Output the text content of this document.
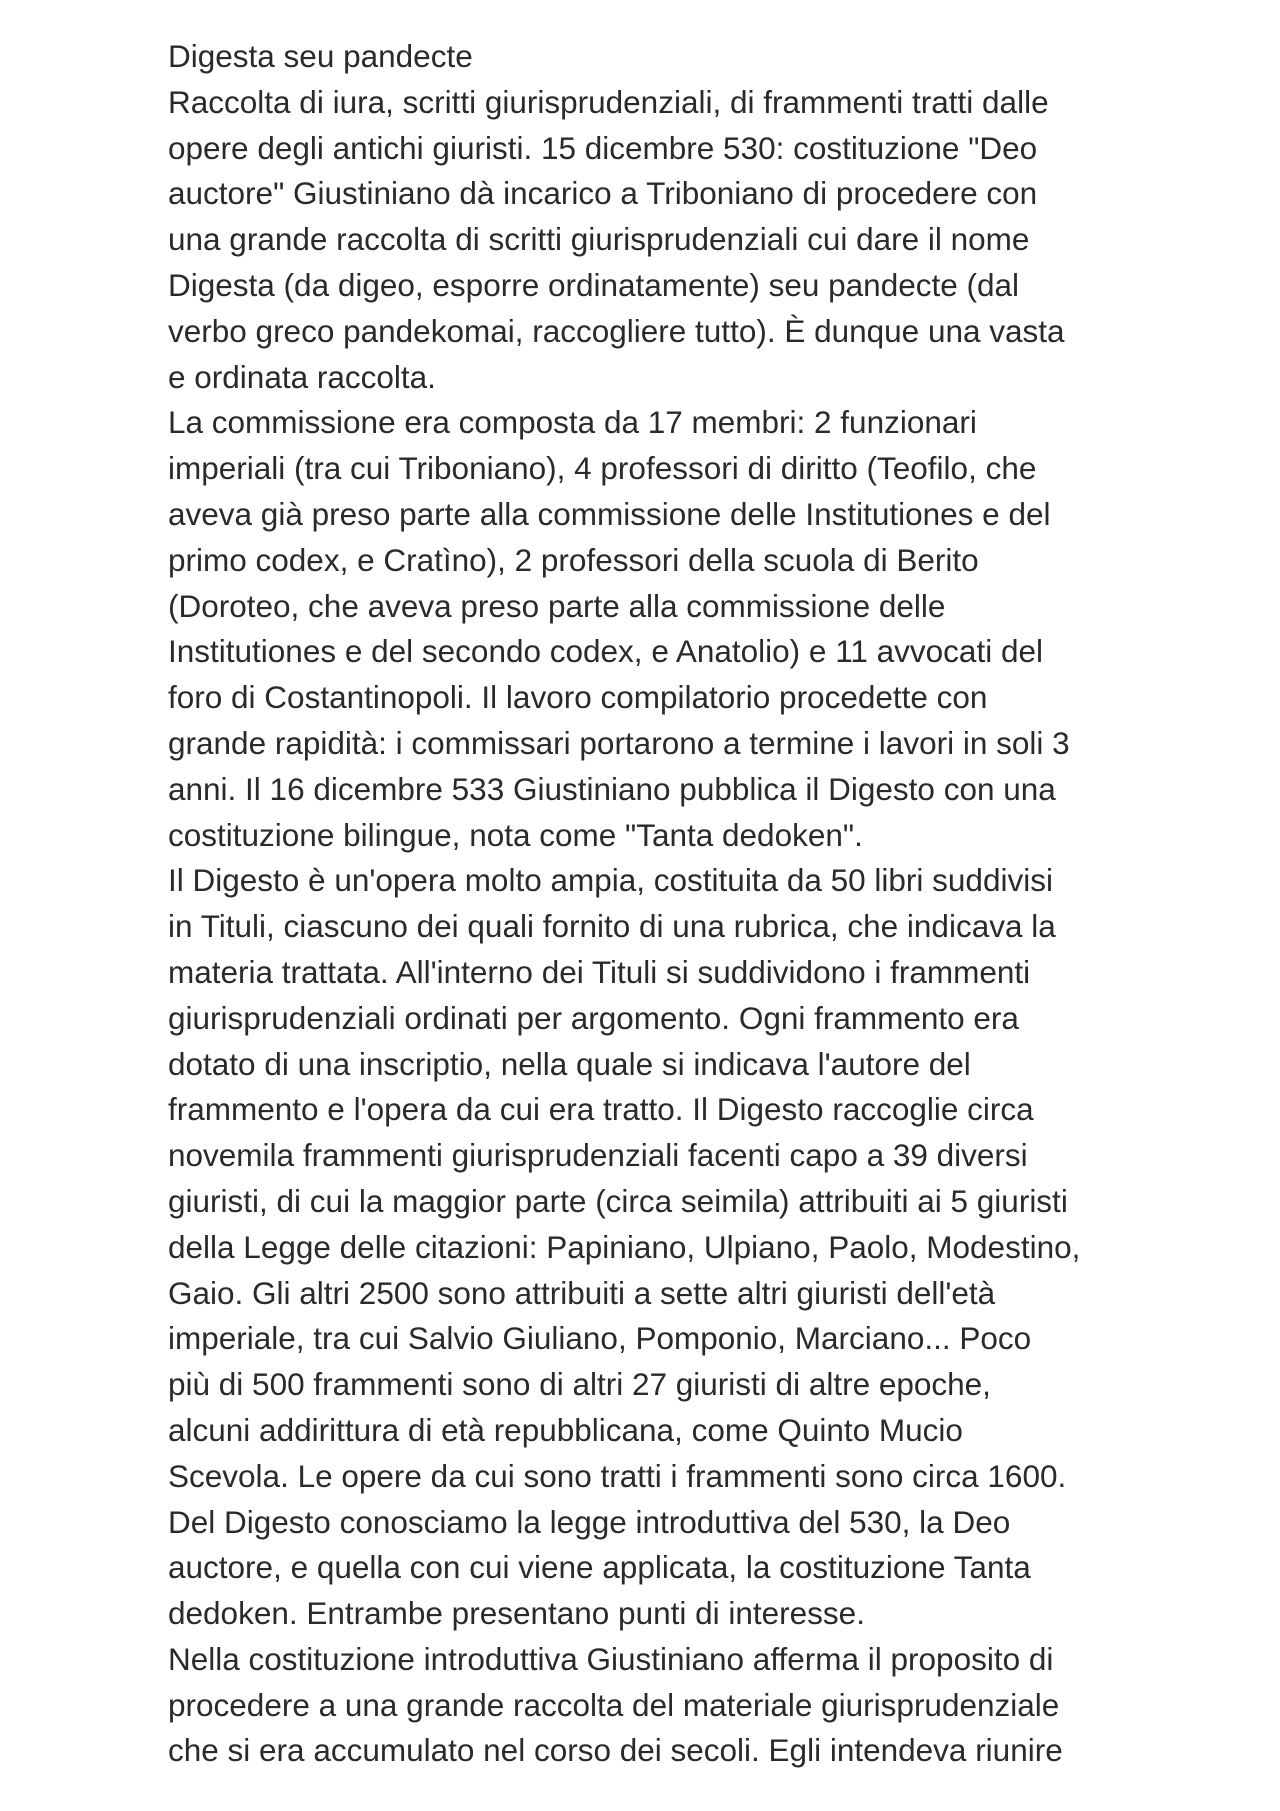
Digesta seu pandecte
Raccolta di iura, scritti giurisprudenziali, di frammenti tratti dalle
opere degli antichi giuristi. 15 dicembre 530: costituzione "Deo
auctore" Giustiniano dà incarico a Triboniano di procedere con
una grande raccolta di scritti giurisprudenziali cui dare il nome
Digesta (da digeo, esporre ordinatamente) seu pandecte (dal
verbo greco pandekomai, raccogliere tutto). È dunque una vasta
e ordinata raccolta.
La commissione era composta da 17 membri: 2 funzionari
imperiali (tra cui Triboniano), 4 professori di diritto (Teofilo, che
aveva già preso parte alla commissione delle Institutiones e del
primo codex, e Cratìno), 2 professori della scuola di Berito
(Doroteo, che aveva preso parte alla commissione delle
Institutiones e del secondo codex, e Anatolio) e 11 avvocati del
foro di Costantinopoli. Il lavoro compilatorio procedette con
grande rapidità: i commissari portarono a termine i lavori in soli 3
anni. Il 16 dicembre 533 Giustiniano pubblica il Digesto con una
costituzione bilingue, nota come "Tanta dedoken".
Il Digesto è un'opera molto ampia, costituita da 50 libri suddivisi
in Tituli, ciascuno dei quali fornito di una rubrica, che indicava la
materia trattata. All'interno dei Tituli si suddividono i frammenti
giurisprudenziali ordinati per argomento. Ogni frammento era
dotato di una inscriptio, nella quale si indicava l'autore del
frammento e l'opera da cui era tratto. Il Digesto raccoglie circa
novemila frammenti giurisprudenziali facenti capo a 39 diversi
giuristi, di cui la maggior parte (circa seimila) attribuiti ai 5 giuristi
della Legge delle citazioni: Papiniano, Ulpiano, Paolo, Modestino,
Gaio. Gli altri 2500 sono attribuiti a sette altri giuristi dell'età
imperiale, tra cui Salvio Giuliano, Pomponio, Marciano... Poco
più di 500 frammenti sono di altri 27 giuristi di altre epoche,
alcuni addirittura di età repubblicana, come Quinto Mucio
Scevola. Le opere da cui sono tratti i frammenti sono circa 1600.
Del Digesto conosciamo la legge introduttiva del 530, la Deo
auctore, e quella con cui viene applicata, la costituzione Tanta
dedoken. Entrambe presentano punti di interesse.
Nella costituzione introduttiva Giustiniano afferma il proposito di
procedere a una grande raccolta del materiale giurisprudenziale
che si era accumulato nel corso dei secoli. Egli intendeva riunire
